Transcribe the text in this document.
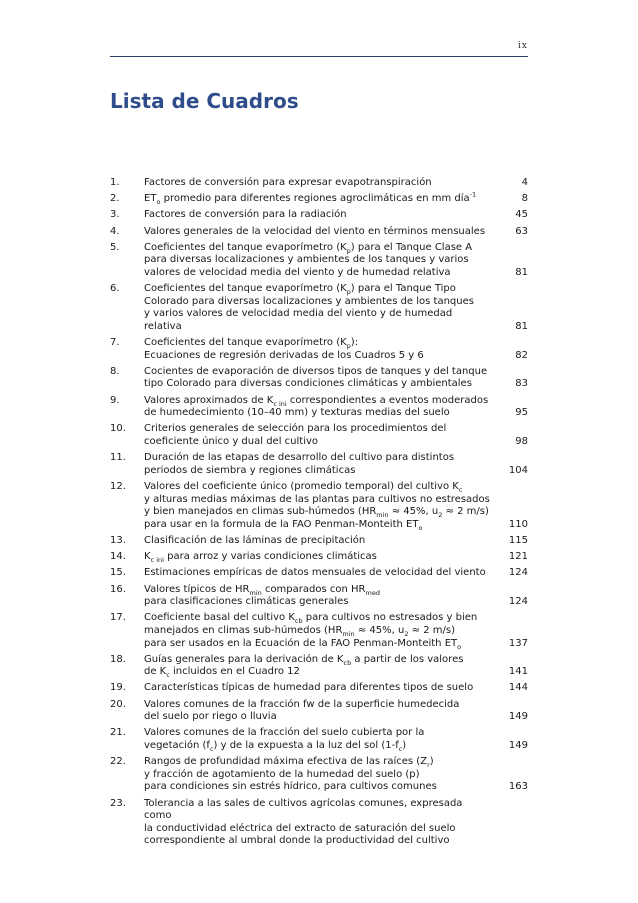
ix
Lista de Cuadros
1.	Factores de conversión para expresar evapotranspiración	4
2.	$ET_o$ promedio para diferentes regiones agroclimáticas en mm día$^{-1}$	8
3.	Factores de conversión para la radiación	45
4.	Valores generales de la velocidad del viento en términos mensuales	63
5.	Coeficientes del tanque evaporímetro $(K_p)$ para el Tanque Clase A
para diversas localizaciones y ambientes de los tanques y varios
valores de velocidad media del viento y de humedad relativa	81
6.	Coeficientes del tanque evaporímetro $(K_p)$ para el Tanque Tipo
Colorado para diversas localizaciones y ambientes de los tanques
y varios valores de velocidad media del viento y de humedad relativa	81
7.	Coeficientes del tanque evaporímetro $(K_p)$:
Ecuaciones de regresión derivadas de los Cuadros 5 y 6	82
8.	Cocientes de evaporación de diversos tipos de tanques y del tanque
tipo Colorado para diversas condiciones climáticas y ambientales	83
9.	Valores aproximados de $K_{c ini}$ correspondientes a eventos moderados
de humedecimiento (10–40 mm) y texturas medias del suelo	95
10.	Criterios generales de selección para los procedimientos del
coeficiente único y dual del cultivo	98
11.	Duración de las etapas de desarrollo del cultivo para distintos
periodos de siembra y regiones climáticas	104
12.	Valores del coeficiente único (promedio temporal) del cultivo $K_c$
y alturas medias máximas de las plantas para cultivos no estresados
y bien manejados en climas sub-húmedos ($HR_{min} \approx 45\%$, $u_2 \approx 2$ m/s)
para usar en la formula de la FAO Penman-Monteith $ET_o$	110
13.	Clasificación de las láminas de precipitación	115
14.	$K_{c ini}$ para arroz y varias condiciones climáticas	121
15.	Estimaciones empíricas de datos mensuales de velocidad del viento	124
16.	Valores típicos de $HR_{min}$ comparados con $HR_{med}$
para clasificaciones climáticas generales	124
17.	Coeficiente basal del cultivo $K_{cb}$ para cultivos no estresados y bien
manejados en climas sub-húmedos ($HR_{min} \approx 45\%$, $u_2 \approx 2$ m/s)
para ser usados en la Ecuación de la FAO Penman-Monteith $ET_o$	137
18.	Guías generales para la derivación de $K_{cb}$ a partir de los valores
de $K_c$ incluidos en el Cuadro 12	141
19.	Características típicas de humedad para diferentes tipos de suelo	144
20.	Valores comunes de la fracción fw de la superficie humedecida
del suelo por riego o lluvia	149
21.	Valores comunes de la fracción del suelo cubierta por la
vegetación $(f_c)$ y de la expuesta a la luz del sol $(1-f_c)$	149
22.	Rangos de profundidad máxima efectiva de las raíces $(Z_r)$
y fracción de agotamiento de la humedad del suelo (p)
para condiciones sin estrés hídrico, para cultivos comunes	163
23.	Tolerancia a las sales de cultivos agrícolas comunes, expresada como
la conductividad eléctrica del extracto de saturación del suelo
correspondiente al umbral donde la productividad del cultivo
